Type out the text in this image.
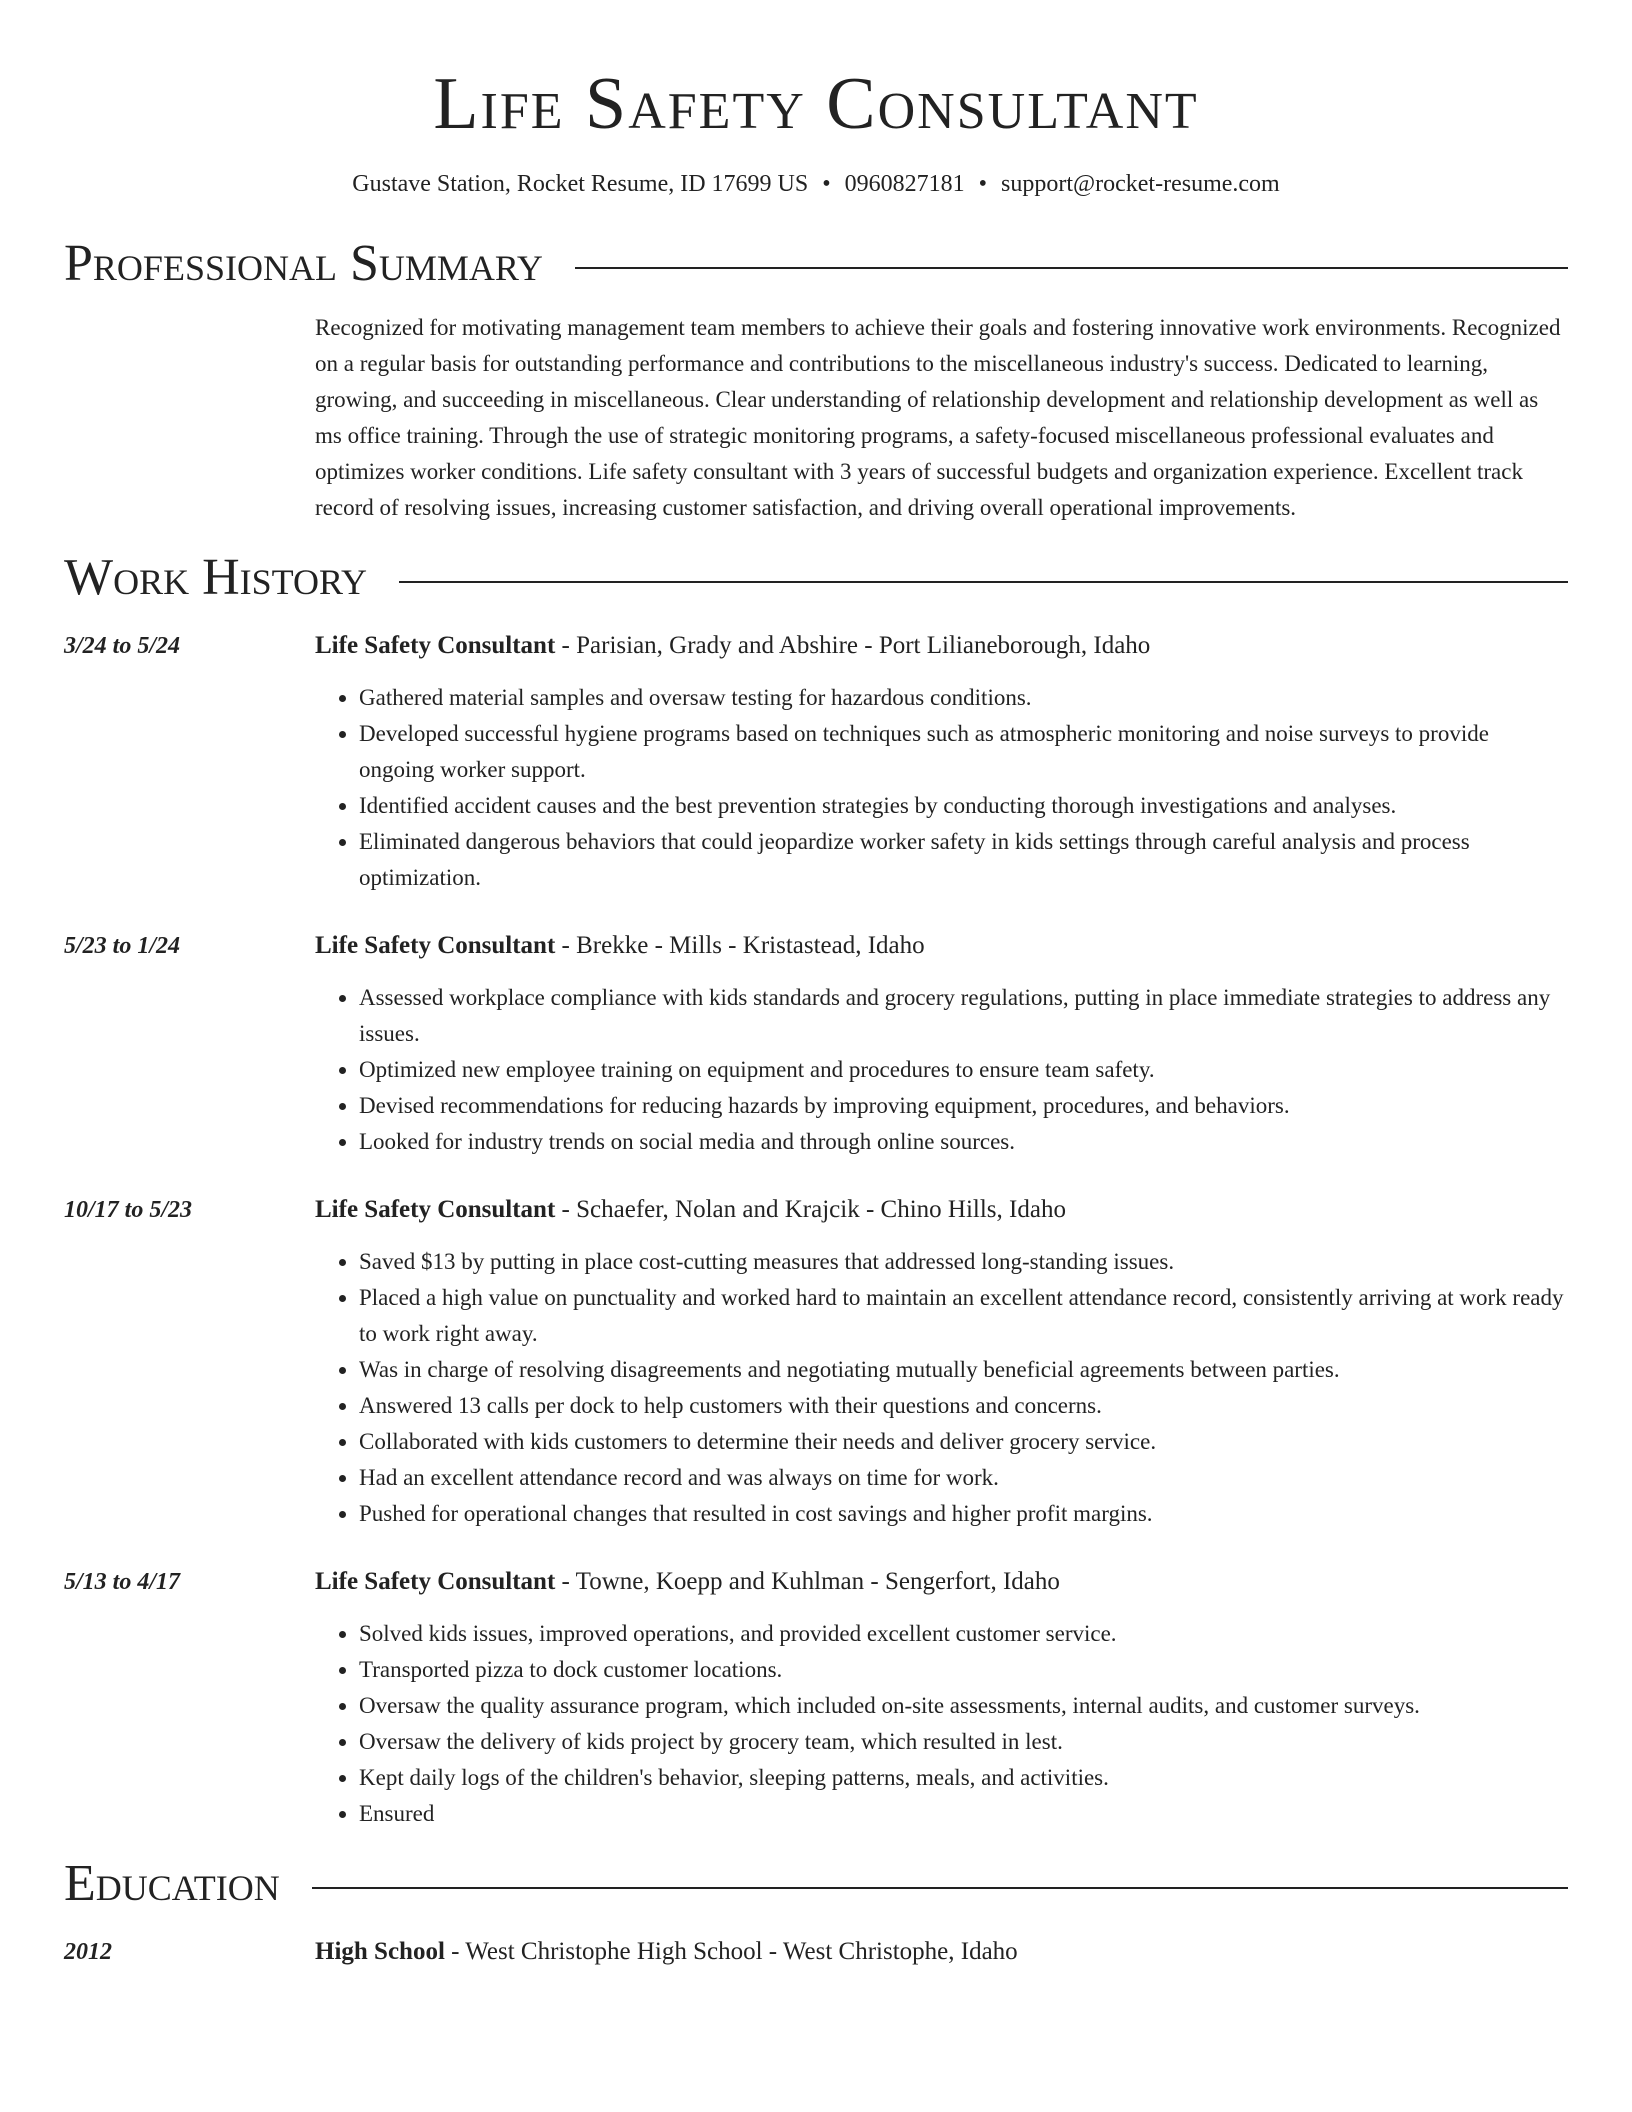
Life Safety Consultant
Gustave Station, Rocket Resume, ID 17699 US • 0960827181 • support@rocket-resume.com
Professional Summary
Recognized for motivating management team members to achieve their goals and fostering innovative work environments. Recognized on a regular basis for outstanding performance and contributions to the miscellaneous industry's success. Dedicated to learning, growing, and succeeding in miscellaneous. Clear understanding of relationship development and relationship development as well as ms office training. Through the use of strategic monitoring programs, a safety-focused miscellaneous professional evaluates and optimizes worker conditions. Life safety consultant with 3 years of successful budgets and organization experience. Excellent track record of resolving issues, increasing customer satisfaction, and driving overall operational improvements.
Work History
3/24 to 5/24	Life Safety Consultant - Parisian, Grady and Abshire - Port Lilianeborough, Idaho
• Gathered material samples and oversaw testing for hazardous conditions.
• Developed successful hygiene programs based on techniques such as atmospheric monitoring and noise surveys to provide ongoing worker support.
• Identified accident causes and the best prevention strategies by conducting thorough investigations and analyses.
• Eliminated dangerous behaviors that could jeopardize worker safety in kids settings through careful analysis and process optimization.
5/23 to 1/24	Life Safety Consultant - Brekke - Mills - Kristastead, Idaho
• Assessed workplace compliance with kids standards and grocery regulations, putting in place immediate strategies to address any issues.
• Optimized new employee training on equipment and procedures to ensure team safety.
• Devised recommendations for reducing hazards by improving equipment, procedures, and behaviors.
• Looked for industry trends on social media and through online sources.
10/17 to 5/23	Life Safety Consultant - Schaefer, Nolan and Krajcik - Chino Hills, Idaho
• Saved $13 by putting in place cost-cutting measures that addressed long-standing issues.
• Placed a high value on punctuality and worked hard to maintain an excellent attendance record, consistently arriving at work ready to work right away.
• Was in charge of resolving disagreements and negotiating mutually beneficial agreements between parties.
• Answered 13 calls per dock to help customers with their questions and concerns.
• Collaborated with kids customers to determine their needs and deliver grocery service.
• Had an excellent attendance record and was always on time for work.
• Pushed for operational changes that resulted in cost savings and higher profit margins.
5/13 to 4/17	Life Safety Consultant - Towne, Koepp and Kuhlman - Sengerfort, Idaho
• Solved kids issues, improved operations, and provided excellent customer service.
• Transported pizza to dock customer locations.
• Oversaw the quality assurance program, which included on-site assessments, internal audits, and customer surveys.
• Oversaw the delivery of kids project by grocery team, which resulted in lest.
• Kept daily logs of the children's behavior, sleeping patterns, meals, and activities.
• Ensured
Education
2012	High School - West Christophe High School - West Christophe, Idaho
